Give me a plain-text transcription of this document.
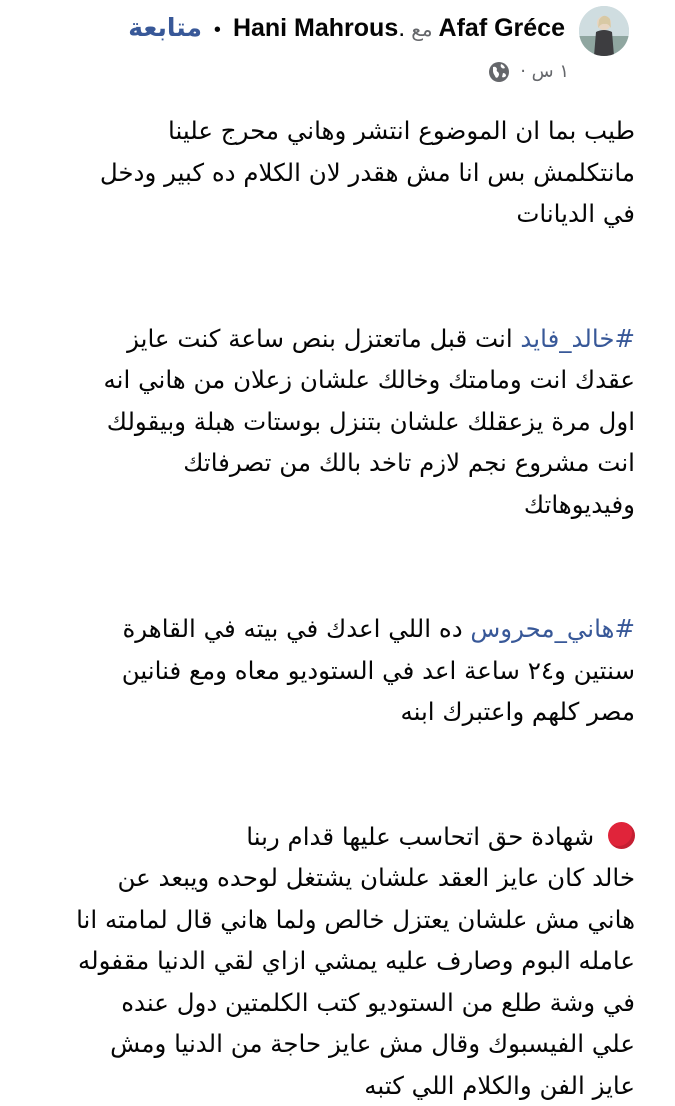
متابعة • Hani Mahrous. مع Afaf Gréce
١ س ·

طيب بما ان الموضوع انتشر وهاني محرج علينا
مانتكلمش بس انا مش هقدر لان الكلام ده كبير ودخل
في الديانات

#خالد_فايد انت قبل ماتعتزل بنص ساعة كنت عايز
عقدك انت ومامتك وخالك علشان زعلان من هاني انه
اول مرة يزعقلك علشان بتنزل بوستات هبلة وبيقولك
انت مشروع نجم لازم تاخد بالك من تصرفاتك
وفيديوهاتك

#هاني_محروس ده اللي اعدك في بيته في القاهرة
سنتين و٢٤ ساعة اعد في الستوديو معاه ومع فنانين
مصر كلهم واعتبرك ابنه

شهادة حق اتحاسب عليها قدام ربنا
خالد كان عايز العقد علشان يشتغل لوحده ويبعد عن
هاني مش علشان يعتزل خالص ولما هاني قال لمامته انا
عامله البوم وصارف عليه يمشي ازاي لقي الدنيا مقفوله
في وشة طلع من الستوديو كتب الكلمتين دول عنده
علي الفيسبوك وقال مش عايز حاجة من الدنيا ومش
عايز الفن والكلام اللي كتبه
